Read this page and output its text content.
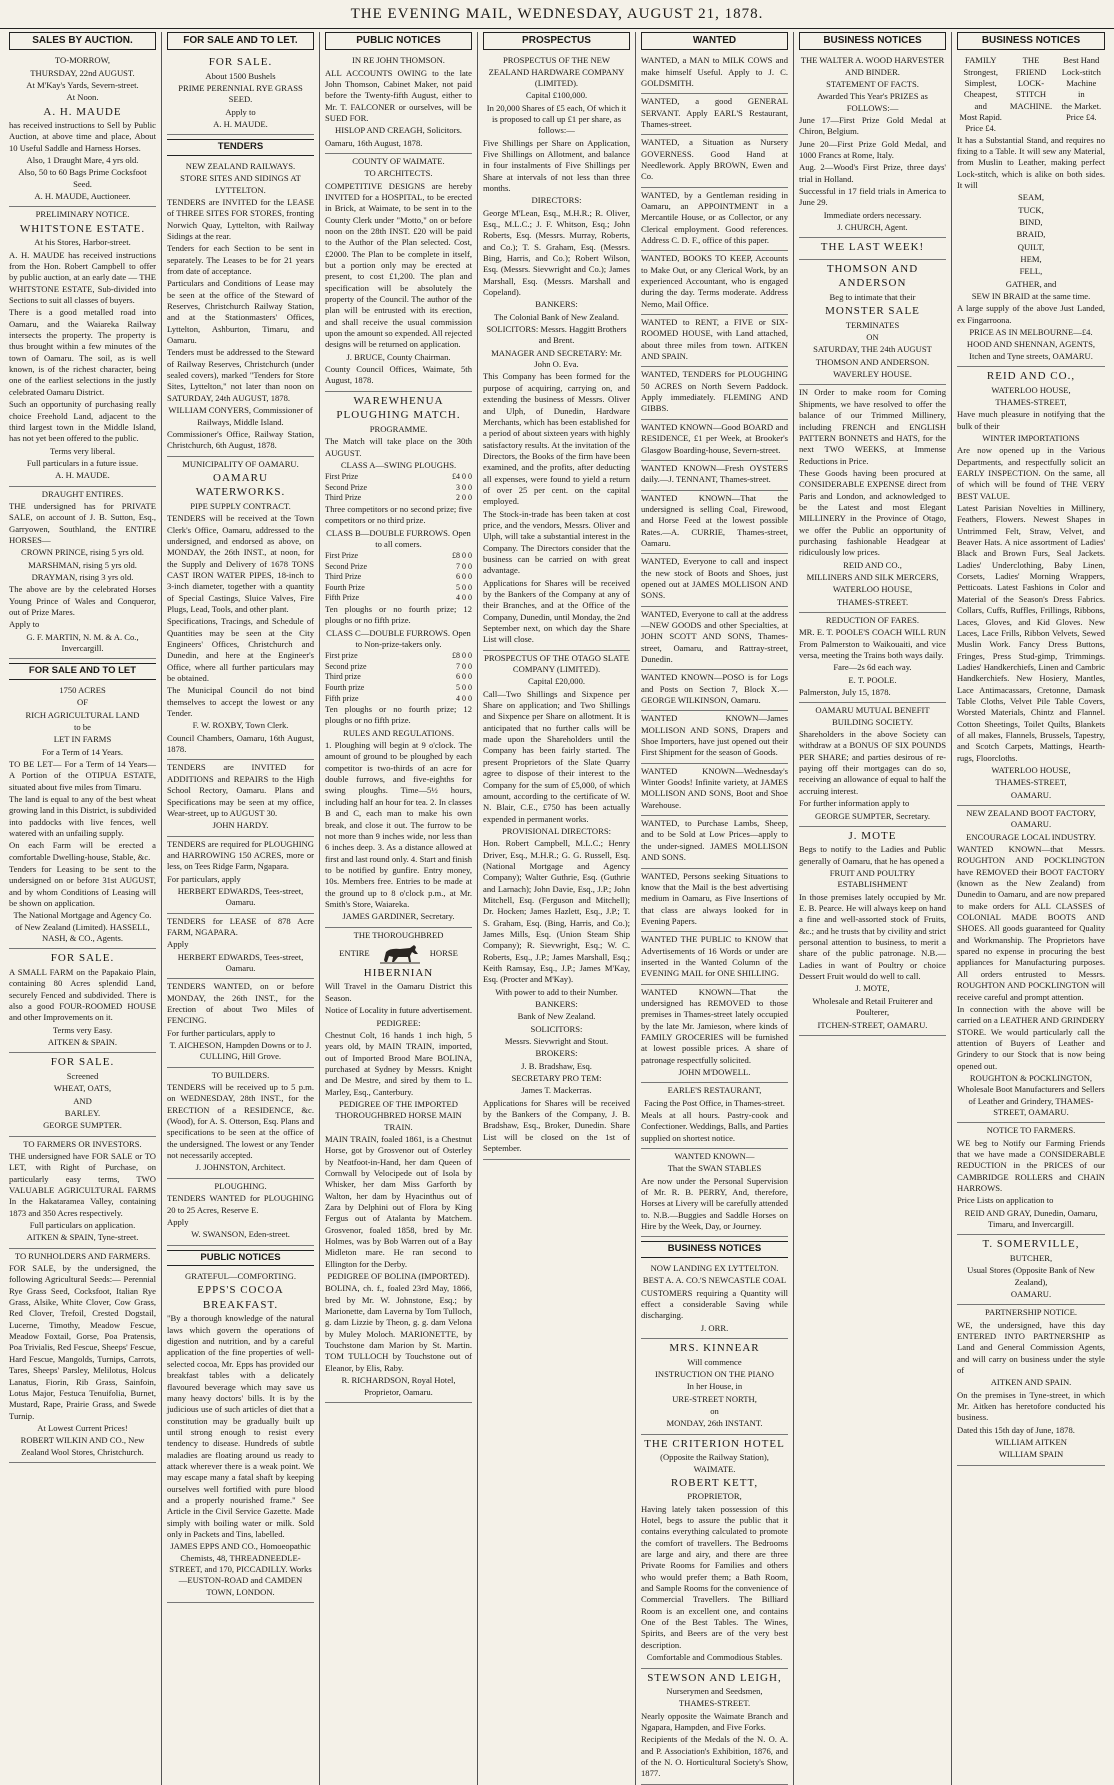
THE EVENING MAIL, WEDNESDAY, AUGUST 21, 1878.
SALES BY AUCTION.

TO-MORROW,

THURSDAY, 22nd AUGUST.

At M'Kay's Yards, Severn-street.

At Noon.

A. H. MAUDE

has received instructions to Sell by Public Auction, at above time and place, About 10 Useful Saddle and Harness Horses.

Also, 1 Draught Mare, 4 yrs old.

Also, 50 to 60 Bags Prime Cocksfoot Seed.

A. H. MAUDE, Auctioneer.

PRELIMINARY NOTICE.

WHITSTONE ESTATE.

At his Stores, Harbor-street.

A. H. MAUDE has received instructions from the Hon. Robert Campbell to offer by public auction, at an early date — THE WHITSTONE ESTATE, Sub-divided into Sections to suit all classes of buyers.

There is a good metalled road into Oamaru, and the Waiareka Railway intersects the property. The property is thus brought within a few minutes of the town of Oamaru. The soil, as is well known, is of the richest character, being one of the earliest selections in the justly celebrated Oamaru District.

Such an opportunity of purchasing really choice Freehold Land, adjacent to the third largest town in the Middle Island, has not yet been offered to the public.

Terms very liberal.

Full particulars in a future issue.

A. H. MAUDE.

DRAUGHT ENTIRES.

THE undersigned has for PRIVATE SALE, on account of J. B. Sutton, Esq., Garryowen, Southland, the ENTIRE HORSES—

CROWN PRINCE, rising 5 yrs old.

MARSHMAN, rising 5 yrs old.

DRAYMAN, rising 3 yrs old.

The above are by the celebrated Horses Young Prince of Wales and Conqueror, out of Prize Mares.

Apply to

G. F. MARTIN, N. M. & A. Co., Invercargill.

FOR SALE AND TO LET

1750 ACRES

OF

RICH AGRICULTURAL LAND

to be

LET IN FARMS

For a Term of 14 Years.

TO BE LET— For a Term of 14 Years— A Portion of the OTIPUA ESTATE, situated about five miles from Timaru.

The land is equal to any of the best wheat growing land in this District, is subdivided into paddocks with live fences, well watered with an unfailing supply.

On each Farm will be erected a comfortable Dwelling-house, Stable, &c.

Tenders for Leasing to be sent to the undersigned on or before 31st AUGUST, and by whom Conditions of Leasing will be shown on application.

The National Mortgage and Agency Co. of New Zealand (Limited). HASSELL, NASH, & CO., Agents.

FOR SALE.

A SMALL FARM on the Papakaio Plain, containing 80 Acres splendid Land, securely Fenced and subdivided. There is also a good FOUR-ROOMED HOUSE and other Improvements on it.

Terms very Easy.

AITKEN & SPAIN.

FOR SALE.

Screened

WHEAT, OATS,

AND

BARLEY.

GEORGE SUMPTER.

TO FARMERS OR INVESTORS.

THE undersigned have FOR SALE or TO LET, with Right of Purchase, on particularly easy terms, TWO VALUABLE AGRICULTURAL FARMS In the Hakataramea Valley, containing 1873 and 350 Acres respectively.

Full particulars on application.

AITKEN & SPAIN, Tyne-street.

TO RUNHOLDERS AND FARMERS.

FOR SALE, by the undersigned, the following Agricultural Seeds:— Perennial Rye Grass Seed, Cocksfoot, Italian Rye Grass, Alsike, White Clover, Cow Grass, Red Clover, Trefoil, Crested Dogstail, Lucerne, Timothy, Meadow Fescue, Meadow Foxtail, Gorse, Poa Pratensis, Poa Trivialis, Red Fescue, Sheeps' Fescue, Hard Fescue, Mangolds, Turnips, Carrots, Tares, Sheeps' Parsley, Melilotus, Holcus Lanatus, Fiorin, Rib Grass, Sainfoin, Lotus Major, Festuca Tenuifolia, Burnet, Mustard, Rape, Prairie Grass, and Swede Turnip.

At Lowest Current Prices!

ROBERT WILKIN AND CO., New Zealand Wool Stores, Christchurch.

FOR SALE AND TO LET.

FOR SALE.

About 1500 Bushels

PRIME PERENNIAL RYE GRASS SEED.

Apply to

A. H. MAUDE.

TENDERS

NEW ZEALAND RAILWAYS.

STORE SITES AND SIDINGS AT LYTTELTON.

TENDERS are INVITED for the LEASE of THREE SITES FOR STORES, fronting Norwich Quay, Lyttelton, with Railway Sidings at the rear.

Tenders for each Section to be sent in separately. The Leases to be for 21 years from date of acceptance.

Particulars and Conditions of Lease may be seen at the office of the Steward of Reserves, Christchurch Railway Station, and at the Stationmasters' Offices, Lyttelton, Ashburton, Timaru, and Oamaru.

Tenders must be addressed to the Steward of Railway Reserves, Christchurch (under sealed covers), marked "Tenders for Store Sites, Lyttelton," not later than noon on SATURDAY, 24th AUGUST, 1878.

WILLIAM CONYERS, Commissioner of Railways, Middle Island.

Commissioner's Office, Railway Station, Christchurch, 6th August, 1878.

MUNICIPALITY OF OAMARU.

OAMARU WATERWORKS.

PIPE SUPPLY CONTRACT.

TENDERS will be received at the Town Clerk's Office, Oamaru, addressed to the undersigned, and endorsed as above, on MONDAY, the 26th INST., at noon, for the Supply and Delivery of 1678 TONS CAST IRON WATER PIPES, 18-inch to 3-inch diameter, together with a quantity of Special Castings, Sluice Valves, Fire Plugs, Lead, Tools, and other plant.

Specifications, Tracings, and Schedule of Quantities may be seen at the City Engineers' Offices, Christchurch and Dunedin, and here at the Engineer's Office, where all further particulars may be obtained.

The Municipal Council do not bind themselves to accept the lowest or any Tender.

F. W. ROXBY, Town Clerk.

Council Chambers, Oamaru, 16th August, 1878.

TENDERS are INVITED for ADDITIONS and REPAIRS to the High School Rectory, Oamaru. Plans and Specifications may be seen at my office, Wear-street, up to AUGUST 30.

JOHN HARDY.

TENDERS are required for PLOUGHING and HARROWING 150 ACRES, more or less, on Tees Ridge Farm, Ngapara.

For particulars, apply

HERBERT EDWARDS, Tees-street, Oamaru.

TENDERS for LEASE of 878 Acre FARM, NGAPARA.

Apply

HERBERT EDWARDS, Tees-street, Oamaru.

TENDERS WANTED, on or before MONDAY, the 26th INST., for the Erection of about Two Miles of FENCING.

For further particulars, apply to

T. AICHESON, Hampden Downs or to J. CULLING, Hill Grove.

TO BUILDERS.

TENDERS will be received up to 5 p.m. on WEDNESDAY, 28th INST., for the ERECTION of a RESIDENCE, &c. (Wood), for A. S. Otterson, Esq. Plans and specifications to be seen at the office of the undersigned. The lowest or any Tender not necessarily accepted.

J. JOHNSTON, Architect.

PLOUGHING.

TENDERS WANTED for PLOUGHING 20 to 25 Acres, Reserve E.

Apply

W. SWANSON, Eden-street.

PUBLIC NOTICES

GRATEFUL—COMFORTING.

EPPS'S COCOA BREAKFAST.

"By a thorough knowledge of the natural laws which govern the operations of digestion and nutrition, and by a careful application of the fine properties of well-selected cocoa, Mr. Epps has provided our breakfast tables with a delicately flavoured beverage which may save us many heavy doctors' bills. It is by the judicious use of such articles of diet that a constitution may be gradually built up until strong enough to resist every tendency to disease. Hundreds of subtle maladies are floating around us ready to attack wherever there is a weak point. We may escape many a fatal shaft by keeping ourselves well fortified with pure blood and a properly nourished frame." See Article in the Civil Service Gazette. Made simply with boiling water or milk. Sold only in Packets and Tins, labelled.

JAMES EPPS AND CO., Homoeopathic Chemists, 48, THREADNEEDLE-STREET, and 170, PICCADILLY. Works—EUSTON-ROAD and CAMDEN TOWN, LONDON.

PUBLIC NOTICES

IN RE JOHN THOMSON.

ALL ACCOUNTS OWING to the late John Thomson, Cabinet Maker, not paid before the Twenty-fifth August, either to Mr. T. FALCONER or ourselves, will be SUED FOR.

HISLOP AND CREAGH, Solicitors.

Oamaru, 16th August, 1878.

COUNTY OF WAIMATE.

TO ARCHITECTS.

COMPETITIVE DESIGNS are hereby INVITED for a HOSPITAL, to be erected in Brick, at Waimate, to be sent in to the County Clerk under "Motto," on or before noon on the 28th INST. £20 will be paid to the Author of the Plan selected. Cost, £2000. The Plan to be complete in itself, but a portion only may be erected at present, to cost £1,200. The plan and specification will be absolutely the property of the Council. The author of the plan will be entrusted with its erection, and shall receive the usual commission upon the amount so expended. All rejected designs will be returned on application.

J. BRUCE, County Chairman.

County Council Offices, Waimate, 5th August, 1878.

WAREWHENUA PLOUGHING MATCH.

PROGRAMME.

The Match will take place on the 30th AUGUST.

CLASS A—SWING PLOUGHS.

First Prize	£4 0 0
Second Prize	3 0 0
Third Prize	2 0 0

Three competitors or no second prize; five competitors or no third prize.

CLASS B—DOUBLE FURROWS. Open to all comers.

First Prize	£8 0 0
Second Prize	7 0 0
Third Prize	6 0 0
Fourth Prize	5 0 0
Fifth Prize	4 0 0

Ten ploughs or no fourth prize; 12 ploughs or no fifth prize.

CLASS C—DOUBLE FURROWS. Open to Non-prize-takers only.

First prize	£8 0 0
Second prize	7 0 0
Third prize	6 0 0
Fourth prize	5 0 0
Fifth prize	4 0 0

Ten ploughs or no fourth prize; 12 ploughs or no fifth prize.

RULES AND REGULATIONS.

1. Ploughing will begin at 9 o'clock. The amount of ground to be ploughed by each competitor is two-thirds of an acre for double furrows, and five-eighths for swing ploughs. Time—5½ hours, including half an hour for tea. 2. In classes B and C, each man to make his own break, and close it out. The furrow to be not more than 9 inches wide, nor less than 6 inches deep. 3. As a distance allowed at first and last round only. 4. Start and finish to be notified by gunfire. Entry money, 10s. Members free. Entries to be made at the ground up to 8 o'clock p.m., at Mr. Smith's Store, Waiareka.

JAMES GARDINER, Secretary.

THE THOROUGHBRED

ENTIRE	HORSE

HIBERNIAN

Will Travel in the Oamaru District this Season.

Notice of Locality in future advertisement.

PEDIGREE:

Chestnut Colt, 16 hands 1 inch high, 5 years old, by MAIN TRAIN, imported, out of Imported Brood Mare BOLINA, purchased at Sydney by Messrs. Knight and De Mestre, and sired by them to L. Marley, Esq., Canterbury.

PEDIGREE OF THE IMPORTED THOROUGHBRED HORSE MAIN TRAIN.

MAIN TRAIN, foaled 1861, is a Chestnut Horse, got by Grosvenor out of Osterley by Neatfoot-in-Hand, her dam Queen of Cornwall by Velocipede out of Isola by Whisker, her dam Miss Garforth by Walton, her dam by Hyacinthus out of Zara by Delphini out of Flora by King Fergus out of Atalanta by Matchem. Grosvenor, foaled 1858, bred by Mr. Holmes, was by Bob Warren out of a Bay Midleton mare. He ran second to Ellington for the Derby.

PEDIGREE OF BOLINA (IMPORTED).

BOLINA, ch. f., foaled 23rd May, 1866, bred by Mr. W. Johnstone, Esq.; by Marionette, dam Laverna by Tom Tulloch, g. dam Lizzie by Theon, g. g. dam Velona by Muley Moloch. MARIONETTE, by Touchstone dam Marion by St. Martin. TOM TULLOCH by Touchstone out of Eleanor, by Elis, Raby.

R. RICHARDSON, Royal Hotel, Proprietor, Oamaru.

PROSPECTUS

PROSPECTUS OF THE NEW ZEALAND HARDWARE COMPANY (LIMITED).

Capital £100,000.

In 20,000 Shares of £5 each, Of which it is proposed to call up £1 per share, as follows:—

Five Shillings per Share on Application, Five Shillings on Allotment, and balance in four instalments of Five Shillings per Share at intervals of not less than three months.

DIRECTORS:

George M'Lean, Esq., M.H.R.; R. Oliver, Esq., M.L.C.; J. F. Whitson, Esq.; John Roberts, Esq. (Messrs. Murray, Roberts, and Co.); T. S. Graham, Esq. (Messrs. Bing, Harris, and Co.); Robert Wilson, Esq. (Messrs. Sievwright and Co.); James Marshall, Esq. (Messrs. Marshall and Copeland).

BANKERS:

The Colonial Bank of New Zealand.

SOLICITORS: Messrs. Haggitt Brothers and Brent.

MANAGER AND SECRETARY: Mr. John O. Eva.

This Company has been formed for the purpose of acquiring, carrying on, and extending the business of Messrs. Oliver and Ulph, of Dunedin, Hardware Merchants, which has been established for a period of about sixteen years with highly satisfactory results. At the invitation of the Directors, the Books of the firm have been examined, and the profits, after deducting all expenses, were found to yield a return of over 25 per cent. on the capital employed.

The Stock-in-trade has been taken at cost price, and the vendors, Messrs. Oliver and Ulph, will take a substantial interest in the Company. The Directors consider that the business can be carried on with great advantage.

Applications for Shares will be received by the Bankers of the Company at any of their Branches, and at the Office of the Company, Dunedin, until Monday, the 2nd September next, on which day the Share List will close.

PROSPECTUS OF THE OTAGO SLATE COMPANY (LIMITED).

Capital £20,000.

Call—Two Shillings and Sixpence per Share on application; and Two Shillings and Sixpence per Share on allotment. It is anticipated that no further calls will be made upon the Shareholders until the Company has been fairly started. The present Proprietors of the Slate Quarry agree to dispose of their interest to the Company for the sum of £5,000, of which amount, according to the certificate of W. N. Blair, C.E., £750 has been actually expended in permanent works.

PROVISIONAL DIRECTORS:

Hon. Robert Campbell, M.L.C.; Henry Driver, Esq., M.H.R.; G. G. Russell, Esq. (National Mortgage and Agency Company); Walter Guthrie, Esq. (Guthrie and Larnach); John Davie, Esq., J.P.; John Mitchell, Esq. (Ferguson and Mitchell); Dr. Hocken; James Hazlett, Esq., J.P.; T. S. Graham, Esq. (Bing, Harris, and Co.); James Mills, Esq. (Union Steam Ship Company); R. Sievwright, Esq.; W. C. Roberts, Esq., J.P.; James Marshall, Esq.; Keith Ramsay, Esq., J.P.; James M'Kay, Esq. (Procter and M'Kay).

With power to add to their Number.

BANKERS:

Bank of New Zealand.

SOLICITORS:

Messrs. Sievwright and Stout.

BROKERS:

J. B. Bradshaw, Esq.

SECRETARY PRO TEM:

James T. Mackerras.

Applications for Shares will be received by the Bankers of the Company, J. B. Bradshaw, Esq., Broker, Dunedin. Share List will be closed on the 1st of September.

WANTED

WANTED, a MAN to MILK COWS and make himself Useful. Apply to J. C. GOLDSMITH.

WANTED, a good GENERAL SERVANT. Apply EARL'S Restaurant, Thames-street.

WANTED, a Situation as Nursery GOVERNESS. Good Hand at Needlework. Apply BROWN, Ewen and Co.

WANTED, by a Gentleman residing in Oamaru, an APPOINTMENT in a Mercantile House, or as Collector, or any Clerical employment. Good references. Address C. D. F., office of this paper.

WANTED, BOOKS TO KEEP, Accounts to Make Out, or any Clerical Work, by an experienced Accountant, who is engaged during the day. Terms moderate. Address Nemo, Mail Office.

WANTED to RENT, a FIVE or SIX-ROOMED HOUSE, with Land attached, about three miles from town. AITKEN AND SPAIN.

WANTED, TENDERS for PLOUGHING 50 ACRES on North Severn Paddock. Apply immediately. FLEMING AND GIBBS.

WANTED KNOWN—Good BOARD and RESIDENCE, £1 per Week, at Brooker's Glasgow Boarding-house, Severn-street.

WANTED KNOWN—Fresh OYSTERS daily.—J. TENNANT, Thames-street.

WANTED KNOWN—That the undersigned is selling Coal, Firewood, and Horse Feed at the lowest possible Rates.—A. CURRIE, Thames-street, Oamaru.

WANTED, Everyone to call and inspect the new stock of Boots and Shoes, just opened out at JAMES MOLLISON AND SONS.

WANTED, Everyone to call at the address—NEW GOODS and other Specialties, at JOHN SCOTT AND SONS, Thames-street, Oamaru, and Rattray-street, Dunedin.

WANTED KNOWN—POSO is for Logs and Posts on Section 7, Block X.—GEORGE WILKINSON, Oamaru.

WANTED KNOWN—James MOLLISON AND SONS, Drapers and Shoe Importers, have just opened out their First Shipment for the season of Goods.

WANTED KNOWN—Wednesday's Winter Goods! Infinite variety, at JAMES MOLLISON AND SONS, Boot and Shoe Warehouse.

WANTED, to Purchase Lambs, Sheep, and to be Sold at Low Prices—apply to the under-signed. JAMES MOLLISON AND SONS.

WANTED, Persons seeking Situations to know that the Mail is the best advertising medium in Oamaru, as Five Insertions of that class are always looked for in Evening Papers.

WANTED THE PUBLIC to KNOW that Advertisements of 16 Words or under are inserted in the Wanted Column of the EVENING MAIL for ONE SHILLING.

WANTED KNOWN—That the undersigned has REMOVED to those premises in Thames-street lately occupied by the late Mr. Jamieson, where kinds of FAMILY GROCERIES will be furnished at lowest possible prices. A share of patronage respectfully solicited.

JOHN M'DOWELL.

EARLE'S RESTAURANT,

Facing the Post Office, in Thames-street.

Meals at all hours. Pastry-cook and Confectioner. Weddings, Balls, and Parties supplied on shortest notice.

WANTED KNOWN—

That the SWAN STABLES

Are now under the Personal Supervision of Mr. R. B. PERRY, And, therefore, Horses at Livery will be carefully attended to. N.B.—Buggies and Saddle Horses on Hire by the Week, Day, or Journey.

BUSINESS NOTICES

NOW LANDING EX LYTTELTON.

BEST A. A. CO.'S NEWCASTLE COAL

CUSTOMERS requiring a Quantity will effect a considerable Saving while discharging.

J. ORR.

MRS. KINNEAR

Will commence

INSTRUCTION ON THE PIANO

In her House, in

URE-STREET NORTH,

on

MONDAY, 26th INSTANT.

THE CRITERION HOTEL

(Opposite the Railway Station), WAIMATE.

ROBERT KETT,

PROPRIETOR,

Having lately taken possession of this Hotel, begs to assure the public that it contains everything calculated to promote the comfort of travellers. The Bedrooms are large and airy, and there are three Private Rooms for Families and others who would prefer them; a Bath Room, and Sample Rooms for the convenience of Commercial Travellers. The Billiard Room is an excellent one, and contains One of the Best Tables. The Wines, Spirits, and Beers are of the very best description.

Comfortable and Commodious Stables.

STEWSON AND LEIGH,

Nurserymen and Seedsmen,

THAMES-STREET.

Nearly opposite the Waimate Branch and Ngapara, Hampden, and Five Forks.

Recipients of the Medals of the N. O. A. and P. Association's Exhibition, 1876, and of the N. O. Horticultural Society's Show, 1877.

BUSINESS NOTICES

THE WALTER A. WOOD HARVESTER AND BINDER.

STATEMENT OF FACTS.

Awarded This Year's PRIZES as FOLLOWS:—

June 17—First Prize Gold Medal at Chiron, Belgium.

June 20—First Prize Gold Medal, and 1000 Francs at Rome, Italy.

Aug. 2—Wood's First Prize, three days' trial in Holland.

Successful in 17 field trials in America to June 29.

Immediate orders necessary.

J. CHURCH, Agent.

THE LAST WEEK!

THOMSON AND ANDERSON

Beg to intimate that their

MONSTER SALE

TERMINATES

ON

SATURDAY, THE 24th AUGUST

THOMSON AND ANDERSON.

WAVERLEY HOUSE.

IN Order to make room for Coming Shipments, we have resolved to offer the balance of our Trimmed Millinery, including FRENCH and ENGLISH PATTERN BONNETS and HATS, for the next TWO WEEKS, at Immense Reductions in Price.

These Goods having been procured at CONSIDERABLE EXPENSE direct from Paris and London, and acknowledged to be the Latest and most Elegant MILLINERY in the Province of Otago, we offer the Public an opportunity of purchasing fashionable Headgear at ridiculously low prices.

REID AND CO.,

MILLINERS AND SILK MERCERS,

WATERLOO HOUSE,

THAMES-STREET.

REDUCTION OF FARES.

MR. E. T. POOLE'S COACH WILL RUN From Palmerston to Waikouaiti, and vice versa, meeting the Trains both ways daily.

Fare—2s 6d each way.

E. T. POOLE.

Palmerston, July 15, 1878.

OAMARU MUTUAL BENEFIT BUILDING SOCIETY.

Shareholders in the above Society can withdraw at a BONUS OF SIX POUNDS PER SHARE; and parties desirous of re-paying off their mortgages can do so, receiving an allowance of equal to half the accruing interest.

For further information apply to

GEORGE SUMPTER, Secretary.

J. MOTE

Begs to notify to the Ladies and Public generally of Oamaru, that he has opened a

FRUIT AND POULTRY ESTABLISHMENT

In those premises lately occupied by Mr. E. B. Pearce. He will always keep on hand a fine and well-assorted stock of Fruits, &c.; and he trusts that by civility and strict personal attention to business, to merit a share of the public patronage. N.B.—Ladies in want of Poultry or choice Dessert Fruit would do well to call.

J. MOTE,

Wholesale and Retail Fruiterer and Poulterer,

ITCHEN-STREET, OAMARU.

BUSINESS NOTICES

FAMILY

Strongest,

Simplest,

Cheapest,

and

Most Rapid.

Price £4.

THE

FRIEND

LOCK-STITCH

MACHINE.

Best Hand

Lock-stitch

Machine

in

the Market.

Price £4.

It has a Substantial Stand, and requires no fixing to a Table. It will sew any Material, from Muslin to Leather, making perfect Lock-stitch, which is alike on both sides. It will

SEAM,

TUCK,

BIND,

BRAID,

QUILT,

HEM,

FELL,

GATHER, and

SEW IN BRAID at the same time.

A large supply of the above Just Landed, ex Fingarroona.

PRICE AS IN MELBOURNE—£4.

HOOD AND SHENNAN, AGENTS, Itchen and Tyne streets, OAMARU.

REID AND CO.,

WATERLOO HOUSE,

THAMES-STREET,

Have much pleasure in notifying that the bulk of their

WINTER IMPORTATIONS

Are now opened up in the Various Departments, and respectfully solicit an EARLY INSPECTION. On the same, all of which will be found of THE VERY BEST VALUE.

Latest Parisian Novelties in Millinery, Feathers, Flowers. Newest Shapes in Untrimmed Felt, Straw, Velvet, and Beaver Hats. A nice assortment of Ladies' Black and Brown Furs, Seal Jackets. Ladies' Underclothing, Baby Linen, Corsets, Ladies' Morning Wrappers, Petticoats. Latest Fashions in Color and Material of the Season's Dress Fabrics. Collars, Cuffs, Ruffles, Frillings, Ribbons, Laces, Gloves, and Kid Gloves. New Laces, Lace Frills, Ribbon Velvets, Sewed Muslin Work. Fancy Dress Buttons, Fringes, Press Stud-gimp, Trimmings. Ladies' Handkerchiefs, Linen and Cambric Handkerchiefs. New Hosiery, Mantles, Lace Antimacassars, Cretonne, Damask Table Cloths, Velvet Pile Table Covers, Worsted Materials, Chintz and Flannel. Cotton Sheetings, Toilet Quilts, Blankets of all makes, Flannels, Brussels, Tapestry, and Scotch Carpets, Mattings, Hearth-rugs, Floorcloths.

WATERLOO HOUSE,

THAMES-STREET,

OAMARU.

NEW ZEALAND BOOT FACTORY, OAMARU.

ENCOURAGE LOCAL INDUSTRY.

WANTED KNOWN—that Messrs. ROUGHTON AND POCKLINGTON have REMOVED their BOOT FACTORY (known as the New Zealand) from Dunedin to Oamaru, and are now prepared to make orders for ALL CLASSES of COLONIAL MADE BOOTS AND SHOES. All goods guaranteed for Quality and Workmanship. The Proprietors have spared no expense in procuring the best appliances for Manufacturing purposes. All orders entrusted to Messrs. ROUGHTON AND POCKLINGTON will receive careful and prompt attention.

In connection with the above will be carried on a LEATHER AND GRINDERY STORE. We would particularly call the attention of Buyers of Leather and Grindery to our Stock that is now being opened out.

ROUGHTON & POCKLINGTON, Wholesale Boot Manufacturers and Sellers of Leather and Grindery, THAMES-STREET, OAMARU.

NOTICE TO FARMERS.

WE beg to Notify our Farming Friends that we have made a CONSIDERABLE REDUCTION in the PRICES of our CAMBRIDGE ROLLERS and CHAIN HARROWS.

Price Lists on application to

REID AND GRAY, Dunedin, Oamaru, Timaru, and Invercargill.

T. SOMERVILLE,

BUTCHER,

Usual Stores (Opposite Bank of New Zealand),

OAMARU.

PARTNERSHIP NOTICE.

WE, the undersigned, have this day ENTERED INTO PARTNERSHIP as Land and General Commission Agents, and will carry on business under the style of

AITKEN AND SPAIN.

On the premises in Tyne-street, in which Mr. Aitken has heretofore conducted his business.

Dated this 15th day of June, 1878.

WILLIAM AITKEN

WILLIAM SPAIN
